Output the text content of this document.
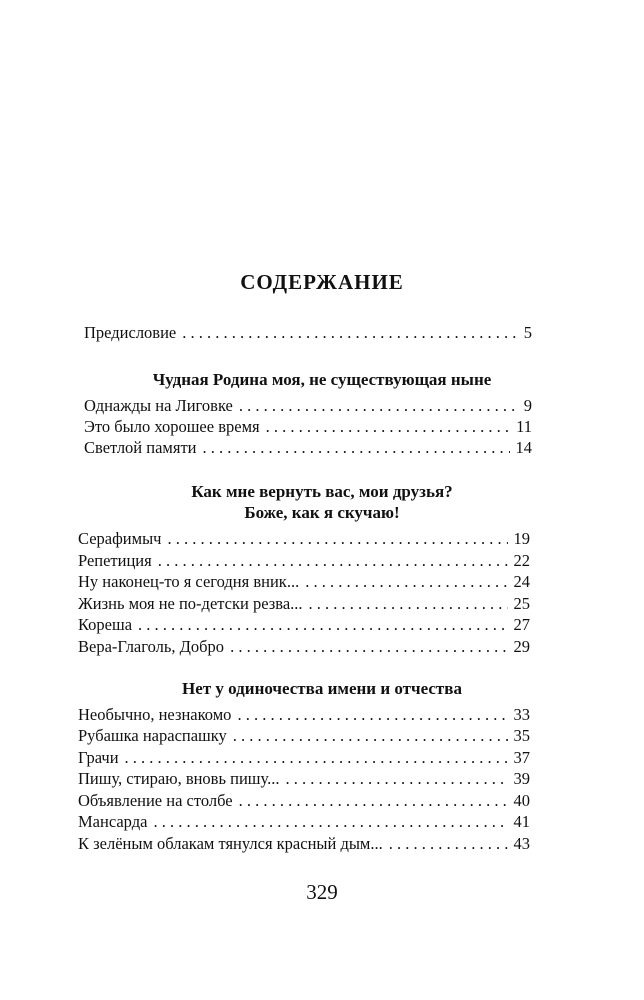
СОДЕРЖАНИЕ
Предисловие . . .	5
Чудная Родина моя, не существующая ныне
Однажды на Лиговке . . .	9
Это было хорошее время . . .	11
Светлой памяти . . .	14
Как мне вернуть вас, мои друзья?
Боже, как я скучаю!
Серафимыч . . .	19
Репетиция . . .	22
Ну наконец-то я сегодня вник... . . .	24
Жизнь моя не по-детски резва... . . .	25
Кореша . . .	27
Вера-Глаголь, Добро . . .	29
Нет у одиночества имени и отчества
Необычно, незнакомо . . .	33
Рубашка нараспашку . . .	35
Грачи . . .	37
Пишу, стираю, вновь пишу... . . .	39
Объявление на столбе . . .	40
Мансарда . . .	41
К зелёным облакам тянулся красный дым... . . .	43
329
